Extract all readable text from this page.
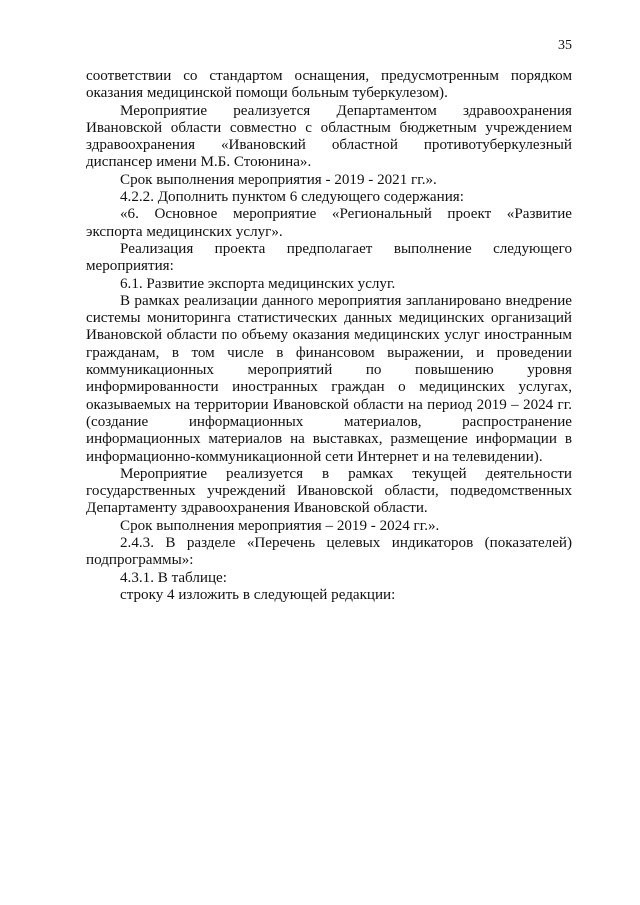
35

соответствии со стандартом оснащения, предусмотренным порядком оказания медицинской помощи больным туберкулезом).

Мероприятие реализуется Департаментом здравоохранения Ивановской области совместно с областным бюджетным учреждением здравоохранения «Ивановский областной противотуберкулезный диспансер имени М.Б. Стоюнина».

Срок выполнения мероприятия - 2019 - 2021 гг.».

4.2.2. Дополнить пунктом 6 следующего содержания:

«6. Основное мероприятие «Региональный проект «Развитие экспорта медицинских услуг».

Реализация проекта предполагает выполнение следующего мероприятия:

6.1. Развитие экспорта медицинских услуг.

В рамках реализации данного мероприятия запланировано внедрение системы мониторинга статистических данных медицинских организаций Ивановской области по объему оказания медицинских услуг иностранным гражданам, в том числе в финансовом выражении, и проведении коммуникационных мероприятий по повышению уровня информированности иностранных граждан о медицинских услугах, оказываемых на территории Ивановской области на период 2019 – 2024 гг. (создание информационных материалов, распространение информационных материалов на выставках, размещение информации в информационно-коммуникационной сети Интернет и на телевидении).

Мероприятие реализуется в рамках текущей деятельности государственных учреждений Ивановской области, подведомственных Департаменту здравоохранения Ивановской области.

Срок выполнения мероприятия – 2019 - 2024 гг.».

2.4.3. В разделе «Перечень целевых индикаторов (показателей) подпрограммы»:

4.3.1. В таблице:

строку 4 изложить в следующей редакции:
